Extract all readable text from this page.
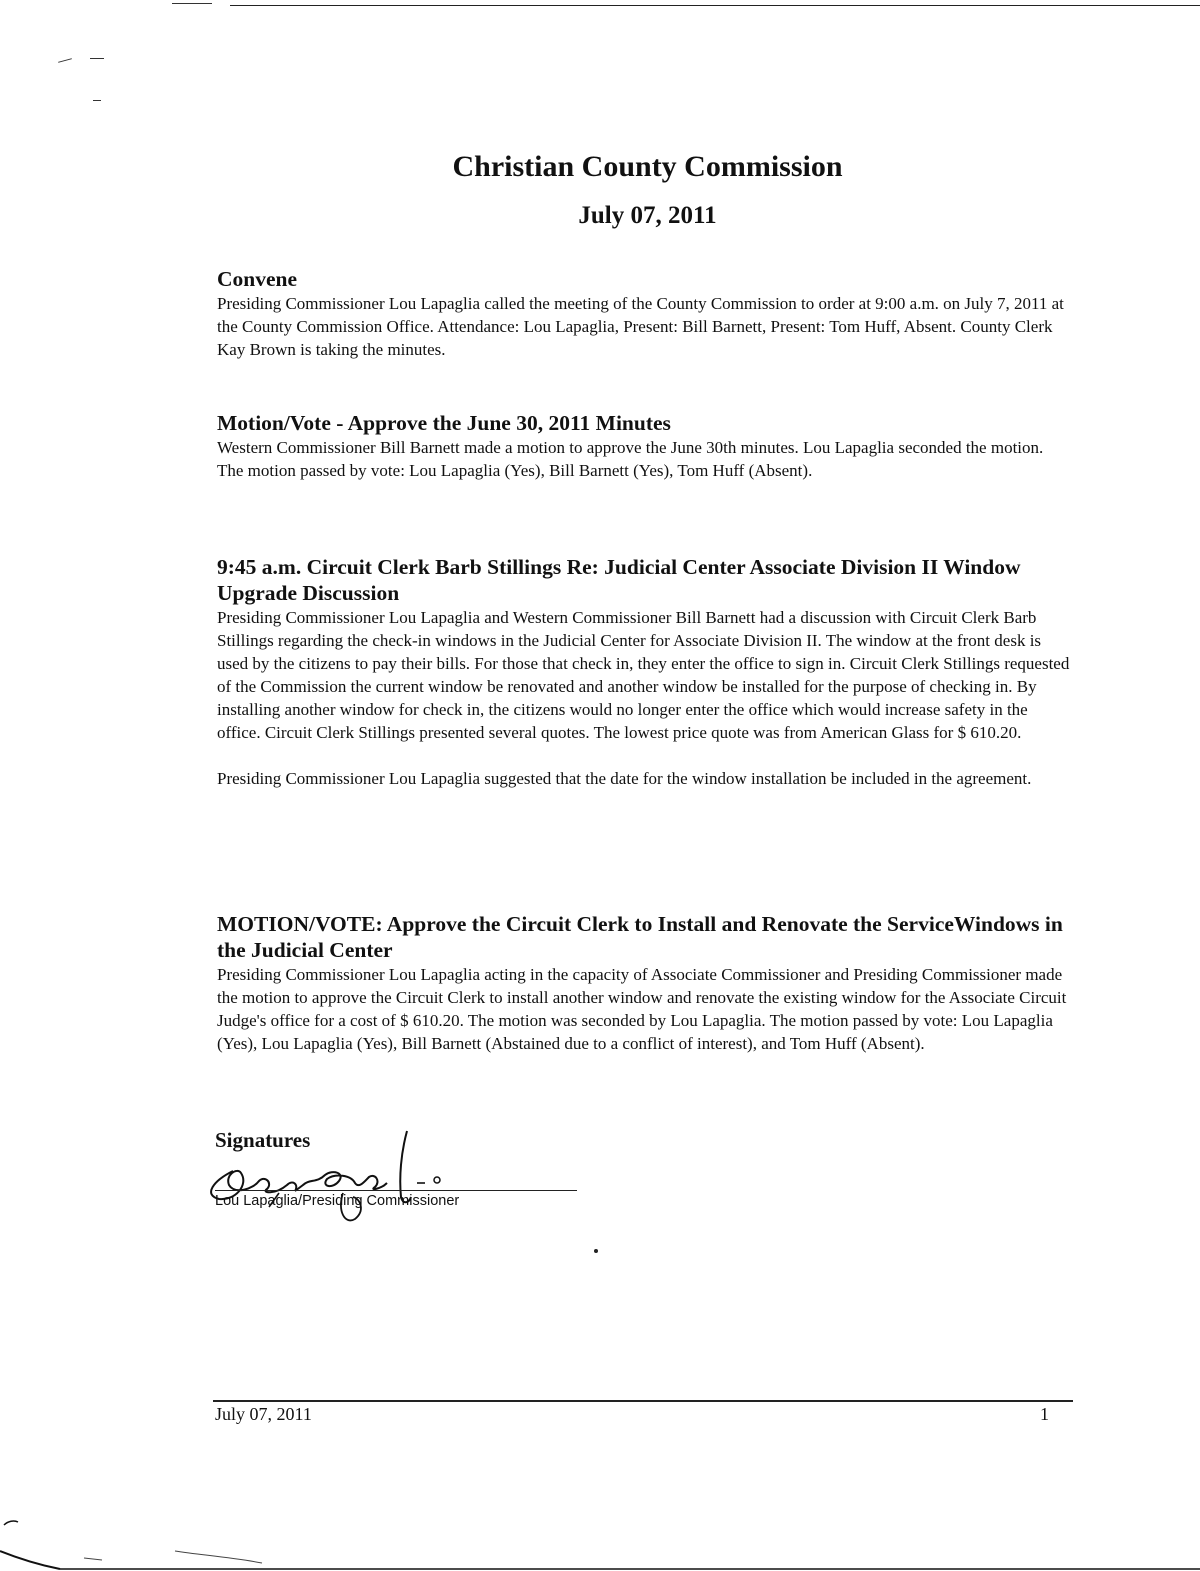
Christian County Commission
July 07, 2011
Convene

Presiding Commissioner Lou Lapaglia called the meeting of the County Commission to order at 9:00 a.m. on July 7, 2011 at the County Commission Office. Attendance: Lou Lapaglia, Present: Bill Barnett, Present: Tom Huff, Absent. County Clerk Kay Brown is taking the minutes.

Motion/Vote - Approve the June 30, 2011 Minutes

Western Commissioner Bill Barnett made a motion to approve the June 30th minutes. Lou Lapaglia seconded the motion. The motion passed by vote: Lou Lapaglia (Yes), Bill Barnett (Yes), Tom Huff (Absent).

9:45 a.m. Circuit Clerk Barb Stillings Re: Judicial Center Associate Division II Window Upgrade Discussion

Presiding Commissioner Lou Lapaglia and Western Commissioner Bill Barnett had a discussion with Circuit Clerk Barb Stillings regarding the check-in windows in the Judicial Center for Associate Division II. The window at the front desk is used by the citizens to pay their bills. For those that check in, they enter the office to sign in. Circuit Clerk Stillings requested of the Commission the current window be renovated and another window be installed for the purpose of checking in. By installing another window for check in, the citizens would no longer enter the office which would increase safety in the office. Circuit Clerk Stillings presented several quotes. The lowest price quote was from American Glass for $ 610.20.

Presiding Commissioner Lou Lapaglia suggested that the date for the window installation be included in the agreement.

MOTION/VOTE: Approve the Circuit Clerk to Install and Renovate the ServiceWindows in the Judicial Center

Presiding Commissioner Lou Lapaglia acting in the capacity of Associate Commissioner and Presiding Commissioner made the motion to approve the Circuit Clerk to install another window and renovate the existing window for the Associate Circuit Judge's office for a cost of $ 610.20. The motion was seconded by Lou Lapaglia. The motion passed by vote: Lou Lapaglia (Yes), Lou Lapaglia (Yes), Bill Barnett (Abstained due to a conflict of interest), and Tom Huff (Absent).

Signatures
Lou Lapaglia/Presiding Commissioner
July 07, 2011	1
